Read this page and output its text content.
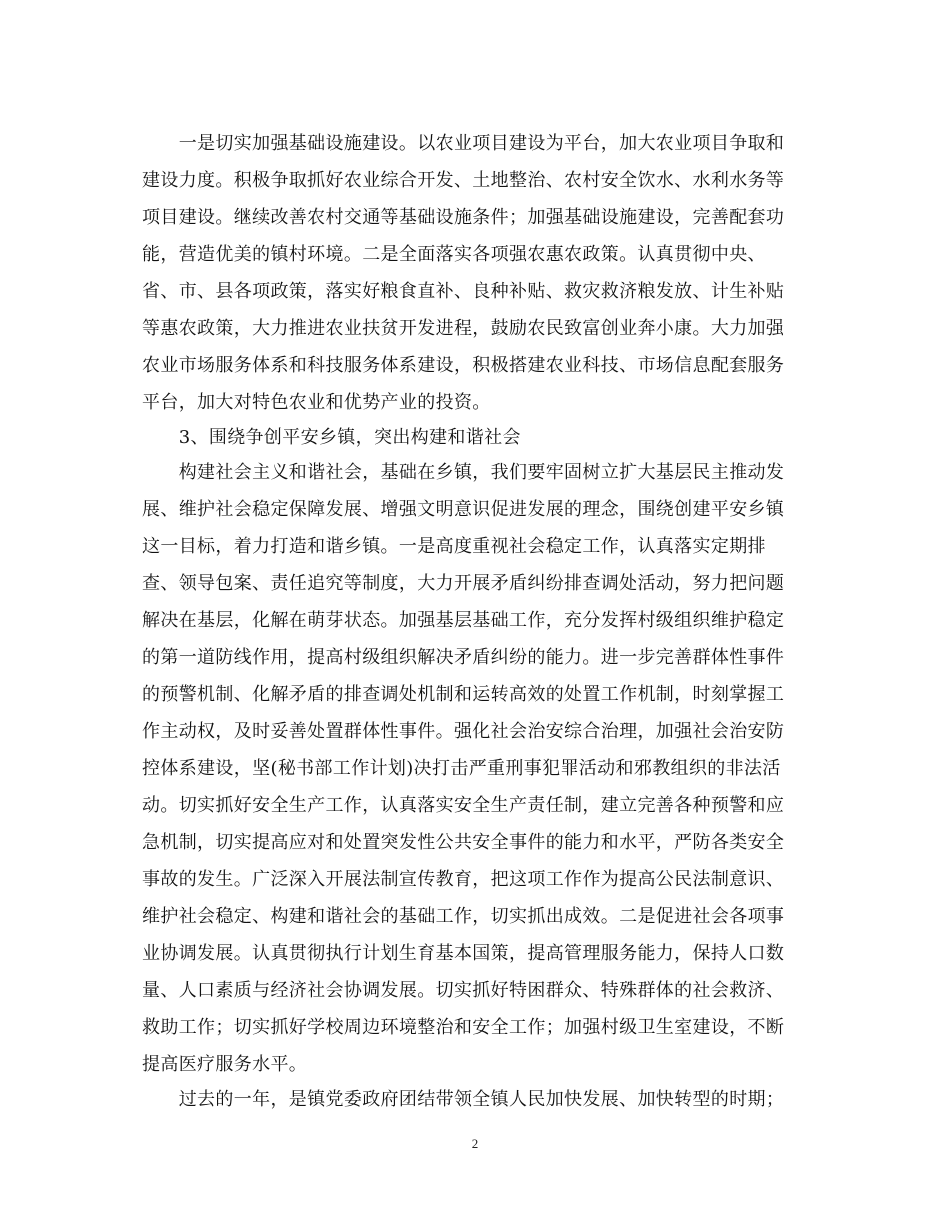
　　一是切实加强基础设施建设。以农业项目建设为平台，加大农业项目争取和
建设力度。积极争取抓好农业综合开发、土地整治、农村安全饮水、水利水务等
项目建设。继续改善农村交通等基础设施条件；加强基础设施建设，完善配套功
能，营造优美的镇村环境。二是全面落实各项强农惠农政策。认真贯彻中央、
省、市、县各项政策，落实好粮食直补、良种补贴、救灾救济粮发放、计生补贴
等惠农政策，大力推进农业扶贫开发进程，鼓励农民致富创业奔小康。大力加强
农业市场服务体系和科技服务体系建设，积极搭建农业科技、市场信息配套服务
平台，加大对特色农业和优势产业的投资。
　　3、围绕争创平安乡镇，突出构建和谐社会
　　构建社会主义和谐社会，基础在乡镇，我们要牢固树立扩大基层民主推动发
展、维护社会稳定保障发展、增强文明意识促进发展的理念，围绕创建平安乡镇
这一目标，着力打造和谐乡镇。一是高度重视社会稳定工作，认真落实定期排
查、领导包案、责任追究等制度，大力开展矛盾纠纷排查调处活动，努力把问题
解决在基层，化解在萌芽状态。加强基层基础工作，充分发挥村级组织维护稳定
的第一道防线作用，提高村级组织解决矛盾纠纷的能力。进一步完善群体性事件
的预警机制、化解矛盾的排查调处机制和运转高效的处置工作机制，时刻掌握工
作主动权，及时妥善处置群体性事件。强化社会治安综合治理，加强社会治安防
控体系建设，坚(秘书部工作计划)决打击严重刑事犯罪活动和邪教组织的非法活
动。切实抓好安全生产工作，认真落实安全生产责任制，建立完善各种预警和应
急机制，切实提高应对和处置突发性公共安全事件的能力和水平，严防各类安全
事故的发生。广泛深入开展法制宣传教育，把这项工作作为提高公民法制意识、
维护社会稳定、构建和谐社会的基础工作，切实抓出成效。二是促进社会各项事
业协调发展。认真贯彻执行计划生育基本国策，提高管理服务能力，保持人口数
量、人口素质与经济社会协调发展。切实抓好特困群众、特殊群体的社会救济、
救助工作；切实抓好学校周边环境整治和安全工作；加强村级卫生室建设，不断
提高医疗服务水平。
　　过去的一年，是镇党委政府团结带领全镇人民加快发展、加快转型的时期；
2
